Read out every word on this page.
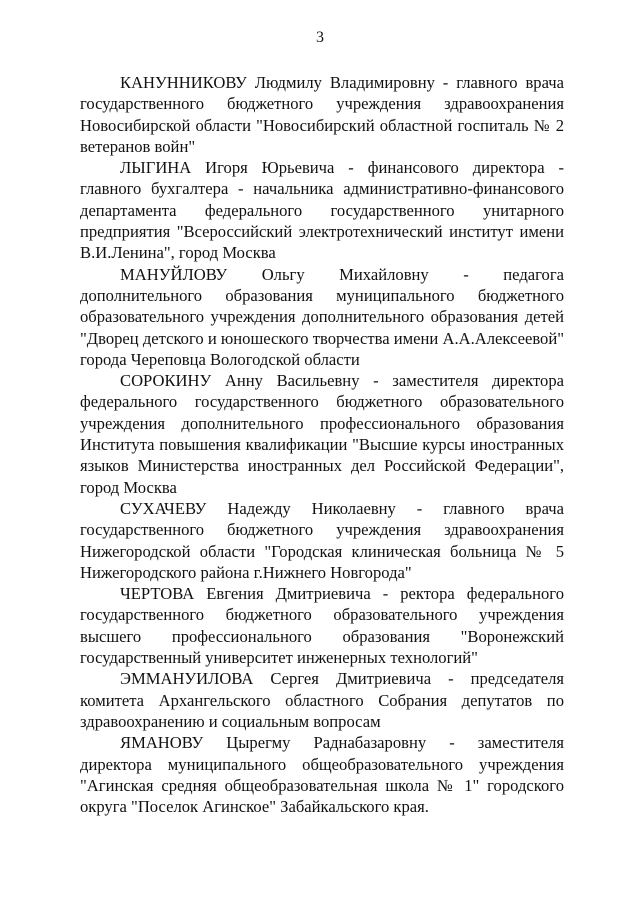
3

КАНУННИКОВУ Людмилу Владимировну - главного врача государственного бюджетного учреждения здравоохранения Новосибирской области "Новосибирский областной госпиталь № 2 ветеранов войн"

ЛЫГИНА Игоря Юрьевича - финансового директора - главного бухгалтера - начальника административно-финансового департамента федерального государственного унитарного предприятия "Всероссийский электротехнический институт имени В.И.Ленина", город Москва

МАНУЙЛОВУ Ольгу Михайловну - педагога дополнительного образования муниципального бюджетного образовательного учреждения дополнительного образования детей "Дворец детского и юношеского творчества имени А.А.Алексеевой" города Череповца Вологодской области

СОРОКИНУ Анну Васильевну - заместителя директора федерального государственного бюджетного образовательного учреждения дополнительного профессионального образования Института повышения квалификации "Высшие курсы иностранных языков Министерства иностранных дел Российской Федерации", город Москва

СУХАЧЕВУ Надежду Николаевну - главного врача государственного бюджетного учреждения здравоохранения Нижегородской области "Городская клиническая больница № 5 Нижегородского района г.Нижнего Новгорода"

ЧЕРТОВА Евгения Дмитриевича - ректора федерального государственного бюджетного образовательного учреждения высшего профессионального образования "Воронежский государственный университет инженерных технологий"

ЭММАНУИЛОВА Сергея Дмитриевича - председателя комитета Архангельского областного Собрания депутатов по здравоохранению и социальным вопросам

ЯМАНОВУ Цырегму Раднабазаровну - заместителя директора муниципального общеобразовательного учреждения "Агинская средняя общеобразовательная школа № 1" городского округа "Поселок Агинское" Забайкальского края.
